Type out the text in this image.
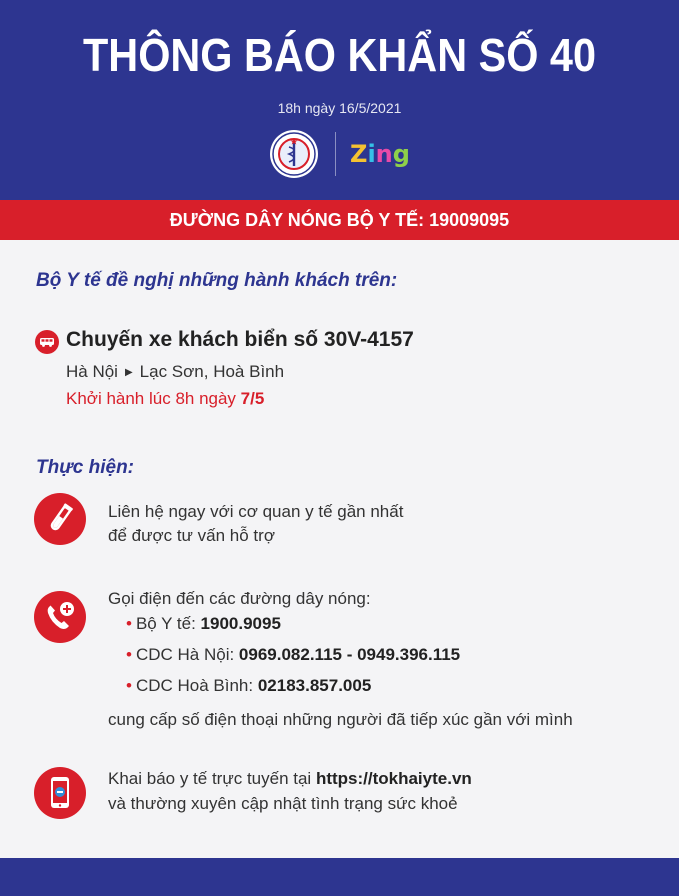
THÔNG BÁO KHẨN SỐ 40
18h ngày 16/5/2021
Zing
ĐƯỜNG DÂY NÓNG BỘ Y TẾ: 19009095
Bộ Y tế đề nghị những hành khách trên:
Chuyến xe khách biển số 30V-4157
Hà Nội ▶ Lạc Sơn, Hoà Bình
Khởi hành lúc 8h ngày 7/5
Thực hiện:
Liên hệ ngay với cơ quan y tế gần nhất
để được tư vấn hỗ trợ
Gọi điện đến các đường dây nóng:
• Bộ Y tế: 1900.9095
• CDC Hà Nội: 0969.082.115 - 0949.396.115
• CDC Hoà Bình: 02183.857.005
cung cấp số điện thoại những người đã tiếp xúc gần với mình
Khai báo y tế trực tuyến tại https://tokhaiyte.vn
và thường xuyên cập nhật tình trạng sức khoẻ
